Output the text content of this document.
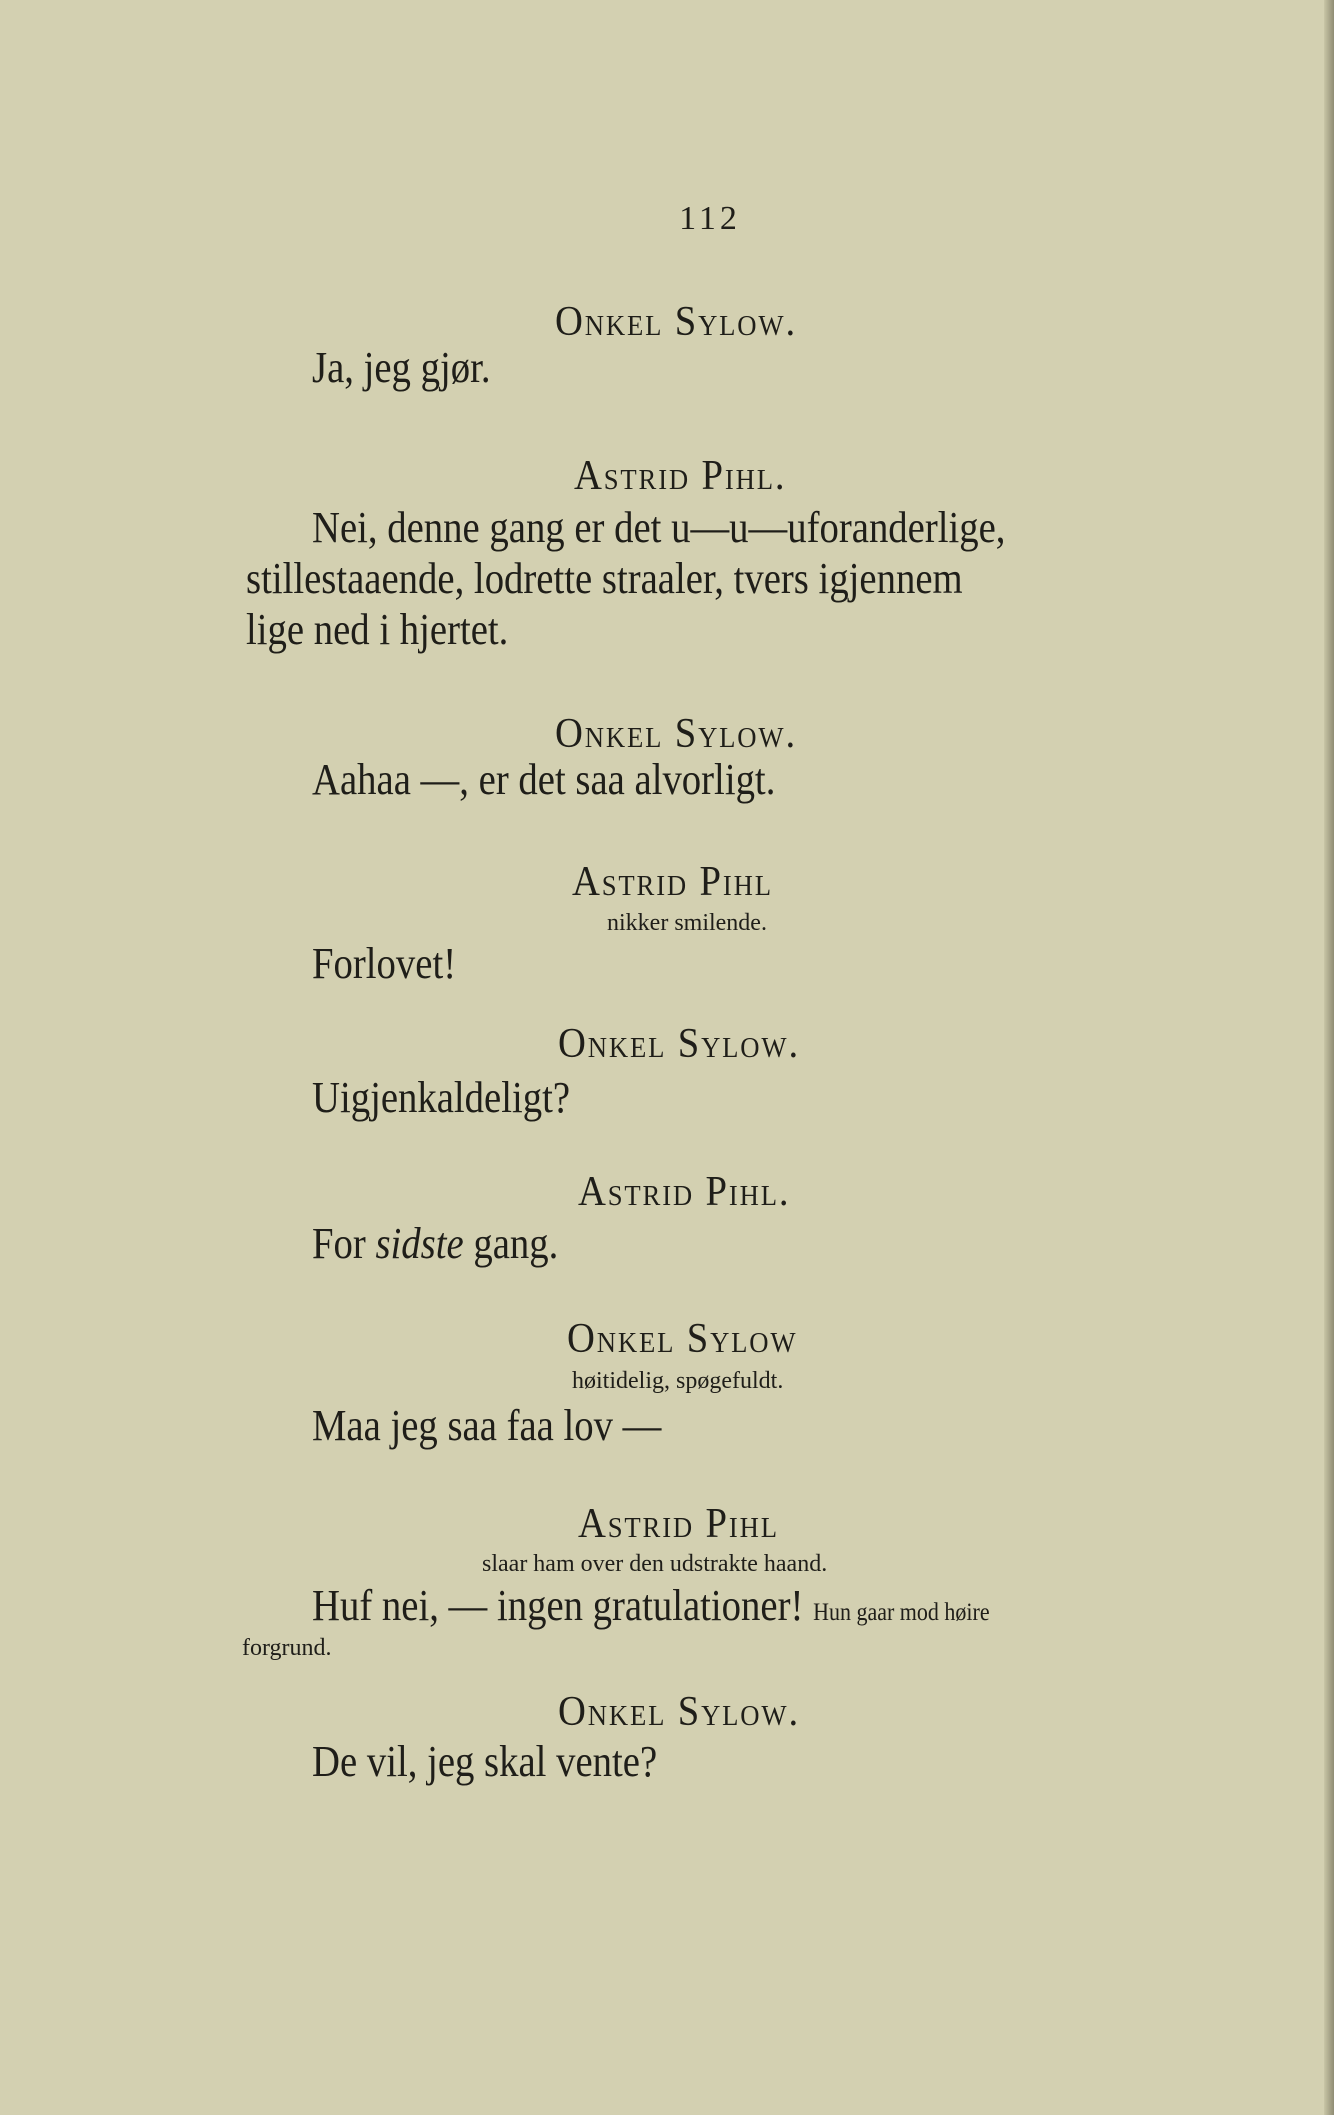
112
Onkel Sylow.
Ja, jeg gjør.
Astrid Pihl.
Nei, denne gang er det u—u—uforanderlige,
stillestaaende, lodrette straaler, tvers igjennem
lige ned i hjertet.
Onkel Sylow.
Aahaa —, er det saa alvorligt.
Astrid Pihl
nikker smilende.
Forlovet!
Onkel Sylow.
Uigjenkaldeligt?
Astrid Pihl.
For sidste gang.
Onkel Sylow
høitidelig, spøgefuldt.
Maa jeg saa faa lov —
Astrid Pihl
slaar ham over den udstrakte haand.
Huf nei, — ingen gratulationer! Hun gaar mod høire
forgrund.
Onkel Sylow.
De vil, jeg skal vente?
